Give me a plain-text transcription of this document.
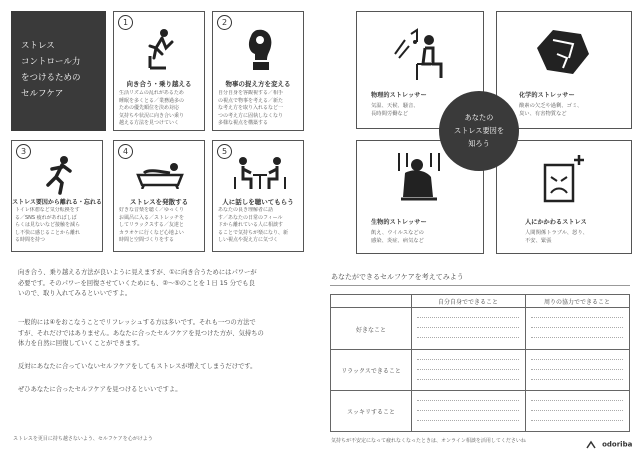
ストレス
コントロール力
をつけるための
セルフケア
1
向き合う・乗り越える
生活リズムの乱れがあるため
睡眠を多くとる／業務過多の
ための優先順位を決め対応
気持ちや状況に向き合い乗り
越える方法を見つけていく
2
物事の捉え方を変える
自分自身を客観視する／相手
の視点で物事を考える／新た
な考え方を取り入れるなど一
つの考え方に固執しなくなり
多様な視点を構築する
3
ストレス要因から離れる・忘れる
トイレ休憩など気分転換をす
る／SNS 疲れがあればしば
らくは見ないなど接触を減ら
し不快に感じることから離れ
る時間を持つ
4
ストレスを発散する
好きな音楽を聴く／ゆっくり
お風呂に入る／ストレッチを
してリラックスする／友達と
カラオケに行くなど心地よい
時間と空間づくりをする
5
人に話しを聴いてもらう
あなたの良き理解者に話
す／あなたの日常のフィール
ドから離れている人に相談す
ることで気持ちが楽になり、新
しい視点や捉え方に気づく
向き合う、乗り越える方法が良いように見えますが、①に向き合うためにはパワーが
必要です。そのパワーを回復させていくためにも、②〜⑤のことを１日 15 分でも良
いので、取り入れてみるといいですよ。
一般的には④をおこなうことでリフレッシュする方は多いです。それも一つの方法で
すが、それだけではありません。あなたに合ったセルフケアを見つけた方が、気持ちの
体力を自然に回復していくことができます。
反対にあなたに合っていないセルフケアをしてもストレスが増えてしまうだけです。
ぜひあなたに合ったセルフケアを見つけるといいですよ。
ストレスを更目に持ち越さないよう、セルフケアを心がけよう
物理的ストレッサー
気温、天候、騒音、
長時間労働など
化学的ストレッサー
酸素の欠乏や過剰、ゴミ、
臭い、有害物質など
生物的ストレッサー
飢え、ウイルスなどの
感染、炎症、病気など
人にかかわるストレス
人間関係トラブル、怒り、
不安、緊張
あなたの
ストレス要因を
知ろう
あなたができるセルフケアを考えてみよう
自分自身でできること	周りの協力でできること
好きなこと
リラックスできること
スッキリすること
気持ちが不安定になって疲れなくなったときは、オンライン相談を活用してくださいね	odoriba
